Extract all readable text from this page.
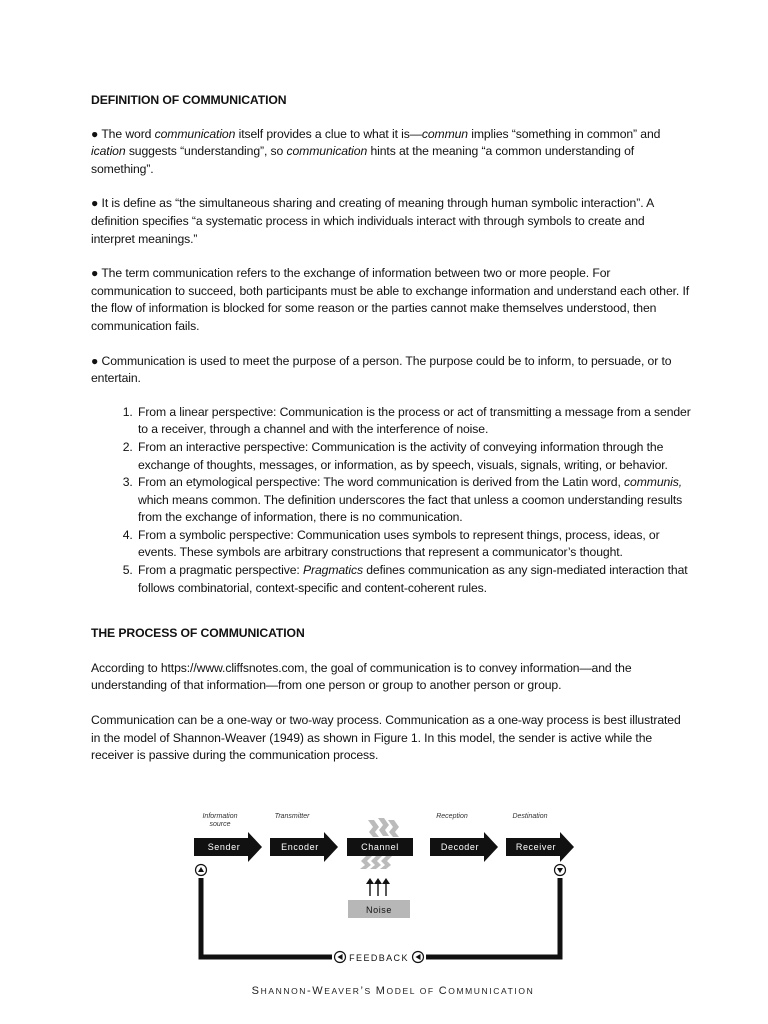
DEFINITION OF COMMUNICATION

● The word communication itself provides a clue to what it is—commun implies “something in common” and ication suggests “understanding”, so communication hints at the meaning “a common understanding of something”.

● It is define as “the simultaneous sharing and creating of meaning through human symbolic interaction”. A definition specifies “a systematic process in which individuals interact with through symbols to create and interpret meanings.”

● The term communication refers to the exchange of information between two or more people. For communication to succeed, both participants must be able to exchange information and understand each other. If the flow of information is blocked for some reason or the parties cannot make themselves understood, then communication fails.

● Communication is used to meet the purpose of a person. The purpose could be to inform, to persuade, or to entertain.

1. From a linear perspective: Communication is the process or act of transmitting a message from a sender to a receiver, through a channel and with the interference of noise.
2. From an interactive perspective: Communication is the activity of conveying information through the exchange of thoughts, messages, or information, as by speech, visuals, signals, writing, or behavior.
3. From an etymological perspective: The word communication is derived from the Latin word, communis, which means common. The definition underscores the fact that unless a coomon understanding results from the exchange of information, there is no communication.
4. From a symbolic perspective: Communication uses symbols to represent things, process, ideas, or events. These symbols are arbitrary constructions that represent a communicator’s thought.
5. From a pragmatic perspective: Pragmatics defines communication as any sign-mediated interaction that follows combinatorial, context-specific and content-coherent rules.

THE PROCESS OF COMMUNICATION

According to https://www.cliffsnotes.com, the goal of communication is to convey information—and the understanding of that information—from one person or group to another person or group.

Communication can be a one-way or two-way process. Communication as a one-way process is best illustrated in the model of Shannon-Weaver (1949) as shown in Figure 1. In this model, the sender is active while the receiver is passive during the communication process.

Information
source
Transmitter	Reception	Destination
Sender	Encoder	Channel	Decoder	Receiver
Noise
FEEDBACK
SHANNON-WEAVER’S MODEL OF COMMUNICATION
